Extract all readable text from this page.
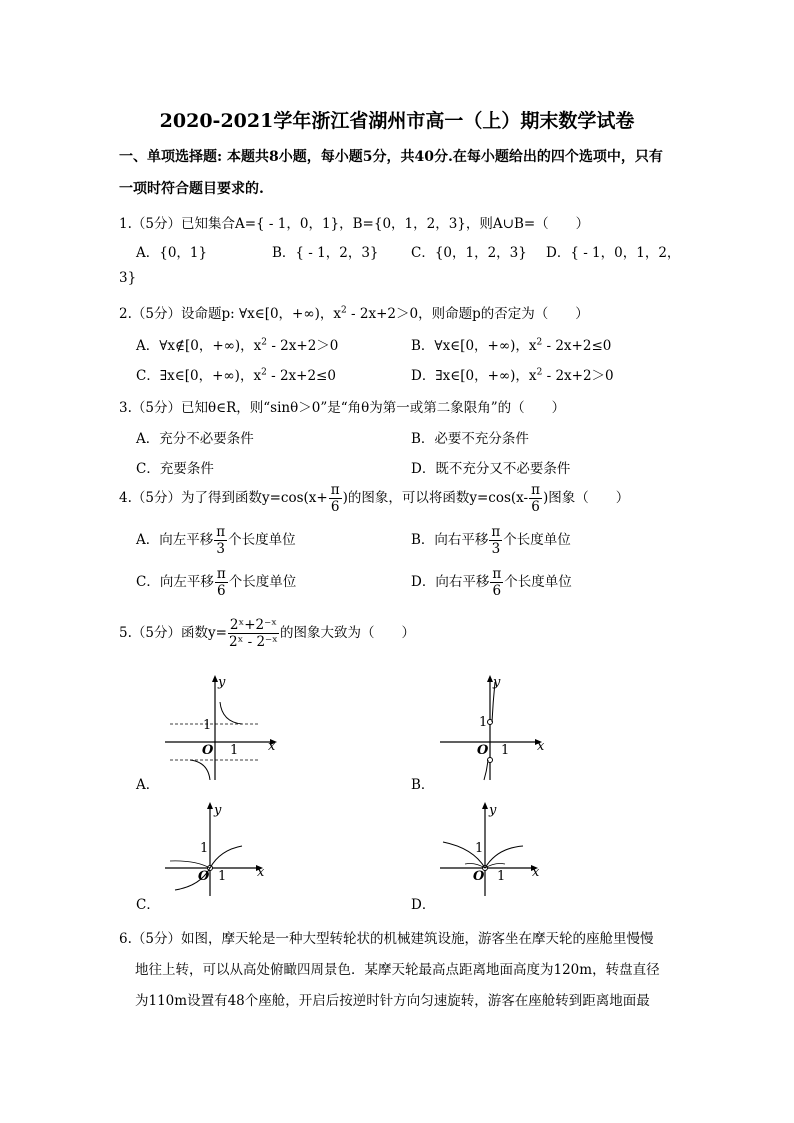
2020-2021学年浙江省湖州市高一（上）期末数学试卷
一、单项选择题: 本题共8小题，每小题5分，共40分.在每小题给出的四个选项中，只有
一项时符合题目要求的.
1.（5分）已知集合A={ - 1，0，1}，B={0，1，2，3}，则A∪B=（　　）
A．{0，1}	B．{ - 1，2，3} C．{0，1，2，3} D．{ - 1，0，1，2，
3}
2.（5分）设命题p: ∀x∈[0，+∞)，$x^2 - 2x+2>0$，则命题p的否定为（　　）
A．∀x∉[0，+∞)，$x^2 - 2x+2>0$	B．∀x∈[0，+∞)，$x^2 - 2x+2\le 0$
C．∃x∈[0，+∞)，$x^2 - 2x+2\le 0$	D．∃x∈[0，+∞)，$x^2 - 2x+2>0$
3.（5分）已知θ∈R，则“sinθ＞0”是“角θ为第一或第二象限角”的（　　）
A．充分不必要条件	B．必要不充分条件
C．充要条件	D．既不充分又不必要条件
4.（5分）为了得到函数$y=\cos(x+ \frac{\pi}{6}$ )的图象，可以将函数$y=\cos(x- \frac{\pi}{6}$ )图象（　　）
A．向左平移 $\frac{\pi}{3}$ 个长度单位	B．向右平移 $\frac{\pi}{3}$ 个长度单位
C．向左平移 $\frac{\pi}{6}$ 个长度单位	D．向右平移 $\frac{\pi}{6}$ 个长度单位
5.（5分）函数$y= \frac{\text{2ˣ+2⁻ˣ}}{\text{2ˣ - 2⁻ˣ}}$ 的图象大致为（　　）
A．
y
x
1
O 1
B．
y
x
1
O 1
C．
y
x
1
O 1
D．
y
x
1
O 1
6.（5分）如图，摩天轮是一种大型转轮状的机械建筑设施，游客坐在摩天轮的座舱里慢慢
地往上转，可以从高处俯瞰四周景色．某摩天轮最高点距离地面高度为120m，转盘直径
为110m设置有48个座舱，开启后按逆时针方向匀速旋转，游客在座舱转到距离地面最
